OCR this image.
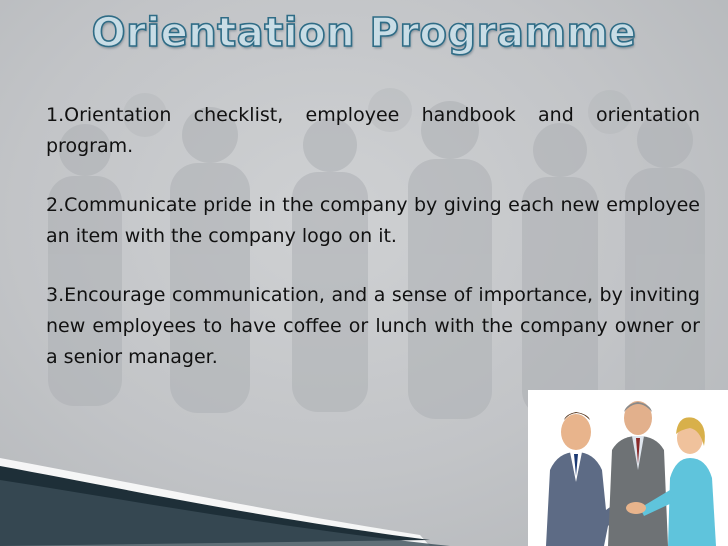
Orientation Programme

1.Orientation checklist, employee handbook and orientation program.

2.Communicate pride in the company by giving each new employee an item with the company logo on it.

3.Encourage communication, and a sense of importance, by inviting new employees to have coffee or lunch with the company owner or a senior manager.
